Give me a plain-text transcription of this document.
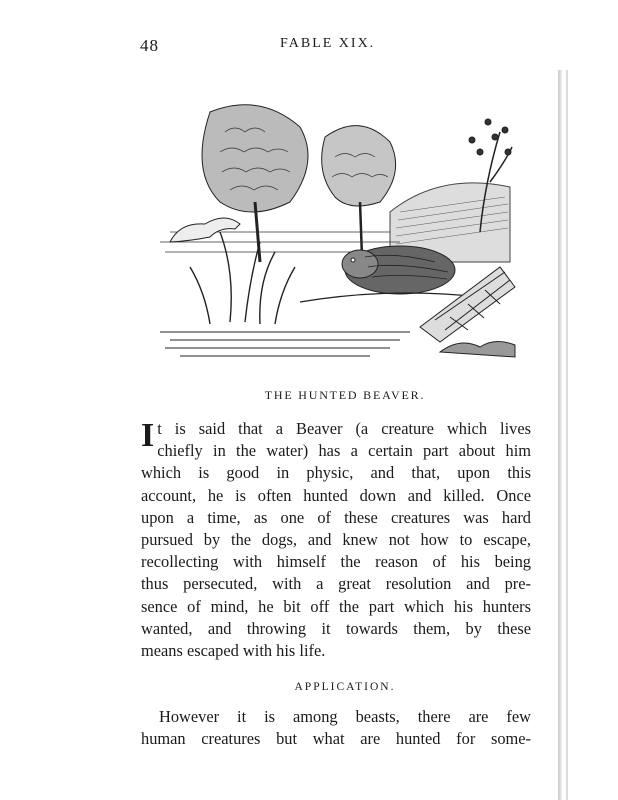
48	FABLE XIX.
THE HUNTED BEAVER.
I t is said that a Beaver (a creature which lives
chiefly in the water) has a certain part about him
which is good in physic, and that, upon this
account, he is often hunted down and killed. Once
upon a time, as one of these creatures was hard
pursued by the dogs, and knew not how to escape,
recollecting with himself the reason of his being
thus persecuted, with a great resolution and pre-
sence of mind, he bit off the part which his hunters
wanted, and throwing it towards them, by these
means escaped with his life.
APPLICATION.
However it is among beasts, there are few
human creatures but what are hunted for some-
